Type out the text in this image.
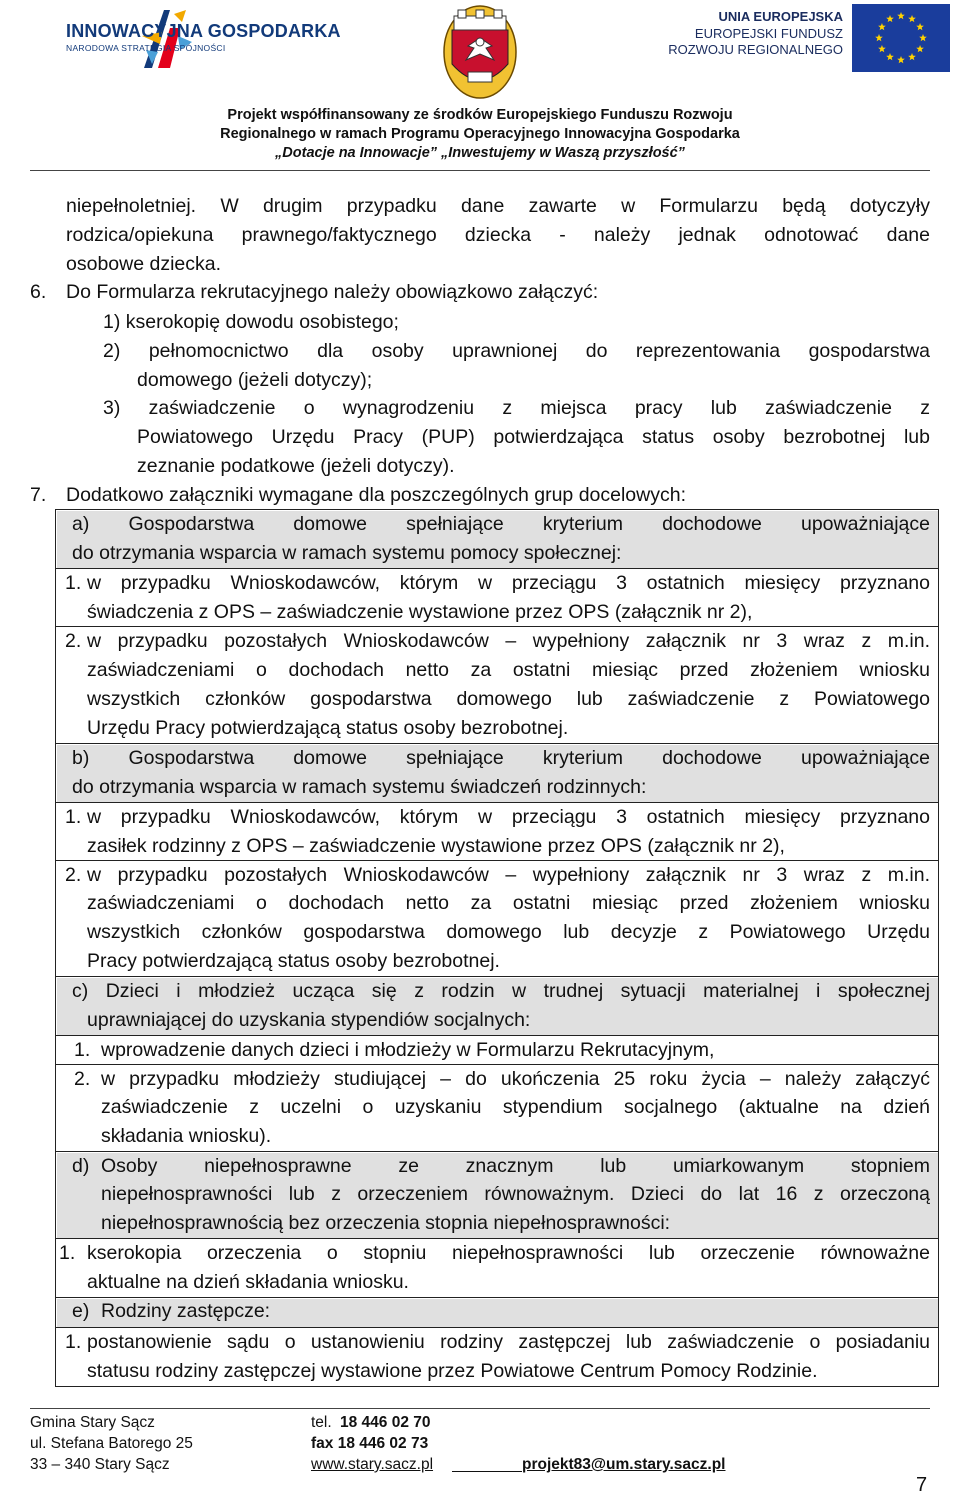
INNOWACYJNA GOSPODARKA
NARODOWA STRATEGIA SPÓJNOŚCI
UNIA EUROPEJSKA
EUROPEJSKI FUNDUSZ
ROZWOJU REGIONALNEGO
Projekt współfinansowany ze środków Europejskiego Funduszu Rozwoju
Regionalnego w ramach Programu Operacyjnego Innowacyjna Gospodarka
„Dotacje na Innowacje” „Inwestujemy w Waszą przyszłość”
niepełnoletniej. W drugim przypadku dane zawarte w Formularzu będą dotyczyły
rodzica/opiekuna prawnego/faktycznego dziecka - należy jednak odnotować dane
osobowe dziecka.
6. Do Formularza rekrutacyjnego należy obowiązkowo załączyć:
1) kserokopię dowodu osobistego;
2) pełnomocnictwo dla osoby uprawnionej do reprezentowania gospodarstwa
domowego (jeżeli dotyczy);
3) zaświadczenie o wynagrodzeniu z miejsca pracy lub zaświadczenie z
Powiatowego Urzędu Pracy (PUP) potwierdzająca status osoby bezrobotnej lub
zeznanie podatkowe (jeżeli dotyczy).
7. Dodatkowo załączniki wymagane dla poszczególnych grup docelowych:
a) Gospodarstwa domowe spełniające kryterium dochodowe upoważniające
do otrzymania wsparcia w ramach systemu pomocy społecznej:
1. w przypadku Wnioskodawców, którym w przeciągu 3 ostatnich miesięcy przyznano
świadczenia z OPS – zaświadczenie wystawione przez OPS (załącznik nr 2),
2. w przypadku pozostałych Wnioskodawców – wypełniony załącznik nr 3 wraz z m.in.
zaświadczeniami o dochodach netto za ostatni miesiąc przed złożeniem wniosku
wszystkich członków gospodarstwa domowego lub zaświadczenie z Powiatowego
Urzędu Pracy potwierdzającą status osoby bezrobotnej.
b) Gospodarstwa domowe spełniające kryterium dochodowe upoważniające
do otrzymania wsparcia w ramach systemu świadczeń rodzinnych:
1. w przypadku Wnioskodawców, którym w przeciągu 3 ostatnich miesięcy przyznano
zasiłek rodzinny z OPS – zaświadczenie wystawione przez OPS (załącznik nr 2),
2. w przypadku pozostałych Wnioskodawców – wypełniony załącznik nr 3 wraz z m.in.
zaświadczeniami o dochodach netto za ostatni miesiąc przed złożeniem wniosku
wszystkich członków gospodarstwa domowego lub decyzje z Powiatowego Urzędu
Pracy potwierdzającą status osoby bezrobotnej.
c) Dzieci i młodzież ucząca się z rodzin w trudnej sytuacji materialnej i społecznej
uprawniającej do uzyskania stypendiów socjalnych:
1. wprowadzenie danych dzieci i młodzieży w Formularzu Rekrutacyjnym,
2. w przypadku młodzieży studiującej – do ukończenia 25 roku życia – należy załączyć
zaświadczenie z uczelni o uzyskaniu stypendium socjalnego (aktualne na dzień
składania wniosku).
d) Osoby niepełnosprawne ze znacznym lub umiarkowanym stopniem
niepełnosprawności lub z orzeczeniem równoważnym. Dzieci do lat 16 z orzeczoną
niepełnosprawnością bez orzeczenia stopnia niepełnosprawności:
1. kserokopia orzeczenia o stopniu niepełnosprawności lub orzeczenie równoważne
aktualne na dzień składania wniosku.
e) Rodziny zastępcze:
1. postanowienie sądu o ustanowieniu rodziny zastępczej lub zaświadczenie o posiadaniu
statusu rodziny zastępczej wystawione przez Powiatowe Centrum Pomocy Rodzinie.
Gmina Stary Sącz
ul. Stefana Batorego 25
33 – 340 Stary Sącz
tel. 18 446 02 70
fax 18 446 02 73
www.stary.sacz.pl	projekt83@um.stary.sacz.pl
7
